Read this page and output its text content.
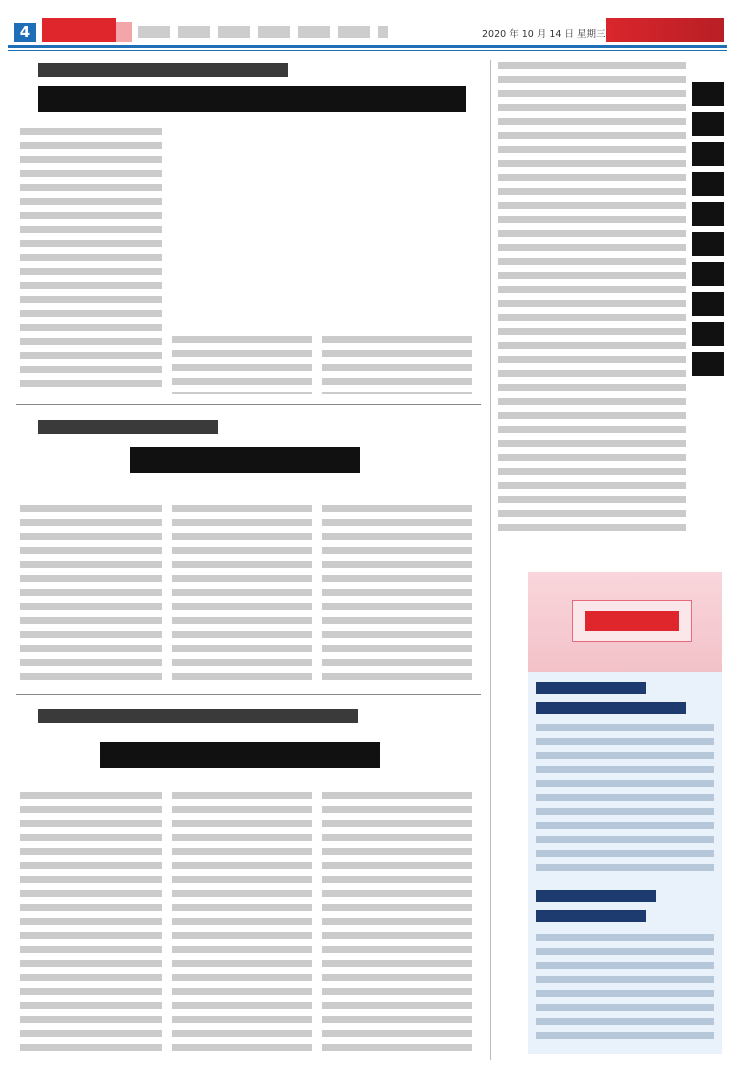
4	2020 年 10 月 14 日 星期三
